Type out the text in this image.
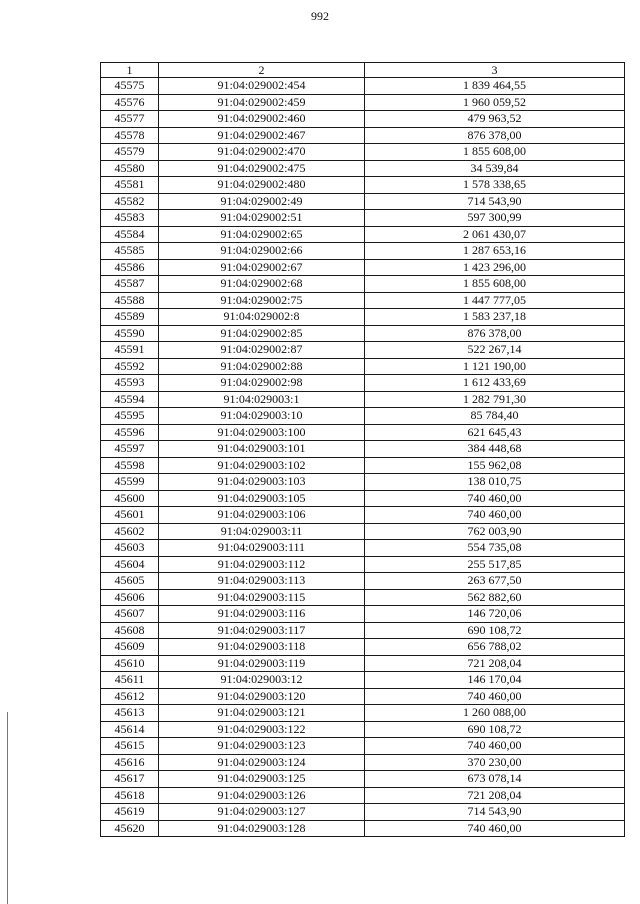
992
1	2	3
45575	91:04:029002:454	1 839 464,55
45576	91:04:029002:459	1 960 059,52
45577	91:04:029002:460	479 963,52
45578	91:04:029002:467	876 378,00
45579	91:04:029002:470	1 855 608,00
45580	91:04:029002:475	34 539,84
45581	91:04:029002:480	1 578 338,65
45582	91:04:029002:49	714 543,90
45583	91:04:029002:51	597 300,99
45584	91:04:029002:65	2 061 430,07
45585	91:04:029002:66	1 287 653,16
45586	91:04:029002:67	1 423 296,00
45587	91:04:029002:68	1 855 608,00
45588	91:04:029002:75	1 447 777,05
45589	91:04:029002:8	1 583 237,18
45590	91:04:029002:85	876 378,00
45591	91:04:029002:87	522 267,14
45592	91:04:029002:88	1 121 190,00
45593	91:04:029002:98	1 612 433,69
45594	91:04:029003:1	1 282 791,30
45595	91:04:029003:10	85 784,40
45596	91:04:029003:100	621 645,43
45597	91:04:029003:101	384 448,68
45598	91:04:029003:102	155 962,08
45599	91:04:029003:103	138 010,75
45600	91:04:029003:105	740 460,00
45601	91:04:029003:106	740 460,00
45602	91:04:029003:11	762 003,90
45603	91:04:029003:111	554 735,08
45604	91:04:029003:112	255 517,85
45605	91:04:029003:113	263 677,50
45606	91:04:029003:115	562 882,60
45607	91:04:029003:116	146 720,06
45608	91:04:029003:117	690 108,72
45609	91:04:029003:118	656 788,02
45610	91:04:029003:119	721 208,04
45611	91:04:029003:12	146 170,04
45612	91:04:029003:120	740 460,00
45613	91:04:029003:121	1 260 088,00
45614	91:04:029003:122	690 108,72
45615	91:04:029003:123	740 460,00
45616	91:04:029003:124	370 230,00
45617	91:04:029003:125	673 078,14
45618	91:04:029003:126	721 208,04
45619	91:04:029003:127	714 543,90
45620	91:04:029003:128	740 460,00
